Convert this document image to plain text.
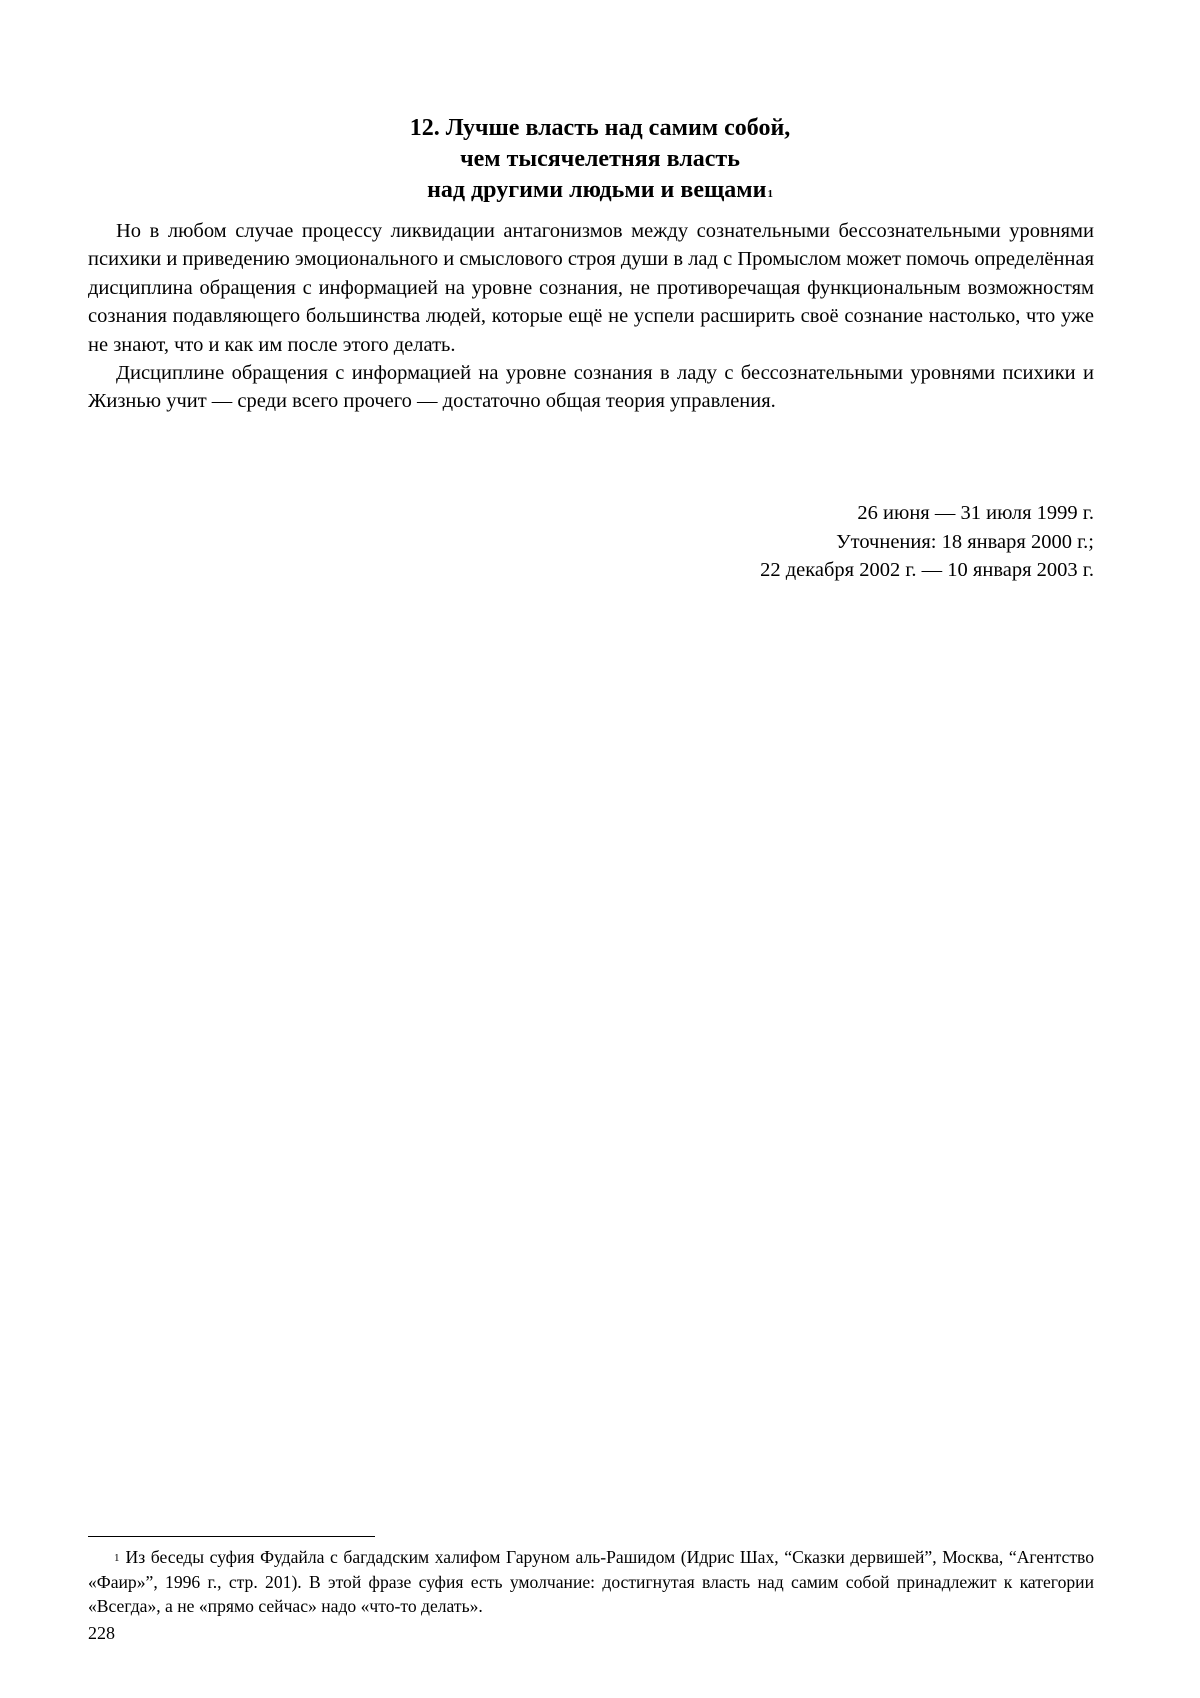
12. Лучше власть над самим собой,
чем тысячелетняя власть
над другими людьми и вещами$^1$

Но в любом случае процессу ликвидации антагонизмов между сознательными бессознательными уровнями психики и приведению эмоционального и смыслового строя души в лад с Промыслом может помочь определённая дисциплина обращения с информацией на уровне сознания, не противоречащая функциональным возможностям сознания подавляющего большинства людей, которые ещё не успели расширить своё сознание настолько, что уже не знают, что и как им после этого делать.

Дисциплине обращения с информацией на уровне сознания в ладу с бессознательными уровнями психики и Жизнью учит — среди всего прочего — достаточно общая теория управления.

26 июня — 31 июля 1999 г.
Уточнения: 18 января 2000 г.;
22 декабря 2002 г. — 10 января 2003 г.
$^1$ Из беседы суфия Фудайла с багдадским халифом Гаруном аль-Рашидом (Идрис Шах, “Сказки дервишей”, Москва, “Агентство «Фаир»”, 1996 г., стр. 201). В этой фразе суфия есть умолчание: достигнутая власть над самим собой принадлежит к категории «Всегда», а не «прямо сейчас» надо «что-то делать».
228
